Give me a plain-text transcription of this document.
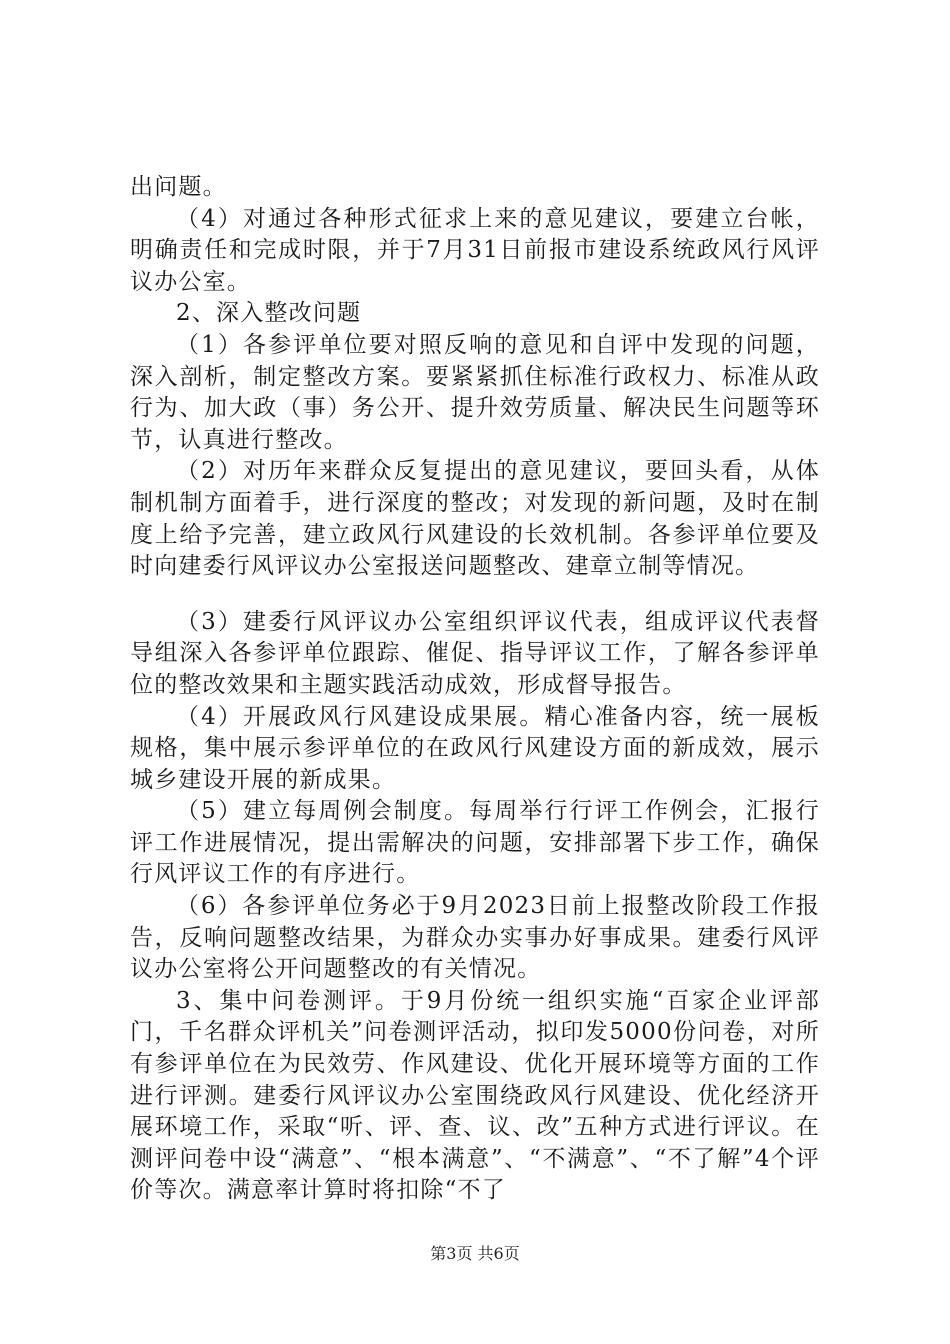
出问题。

（4）对通过各种形式征求上来的意见建议，要建立台帐，明确责任和完成时限，并于7月31日前报市建设系统政风行风评议办公室。

2、深入整改问题

（1）各参评单位要对照反响的意见和自评中发现的问题，深入剖析，制定整改方案。要紧紧抓住标准行政权力、标准从政行为、加大政（事）务公开、提升效劳质量、解决民生问题等环节，认真进行整改。

（2）对历年来群众反复提出的意见建议，要回头看，从体制机制方面着手，进行深度的整改；对发现的新问题，及时在制度上给予完善，建立政风行风建设的长效机制。各参评单位要及时向建委行风评议办公室报送问题整改、建章立制等情况。

（3）建委行风评议办公室组织评议代表，组成评议代表督导组深入各参评单位跟踪、催促、指导评议工作，了解各参评单位的整改效果和主题实践活动成效，形成督导报告。

（4）开展政风行风建设成果展。精心准备内容，统一展板规格，集中展示参评单位的在政风行风建设方面的新成效，展示城乡建设开展的新成果。

（5）建立每周例会制度。每周举行行评工作例会，汇报行评工作进展情况，提出需解决的问题，安排部署下步工作，确保行风评议工作的有序进行。

（6）各参评单位务必于9月2023日前上报整改阶段工作报告，反响问题整改结果，为群众办实事办好事成果。建委行风评议办公室将公开问题整改的有关情况。

3、集中问卷测评。于9月份统一组织实施“百家企业评部门，千名群众评机关”问卷测评活动，拟印发5000份问卷，对所有参评单位在为民效劳、作风建设、优化开展环境等方面的工作进行评测。建委行风评议办公室围绕政风行风建设、优化经济开展环境工作，采取“听、评、查、议、改”五种方式进行评议。在测评问卷中设“满意”、“根本满意”、“不满意”、“不了解”4个评价等次。满意率计算时将扣除“不了

第3页 共6页
